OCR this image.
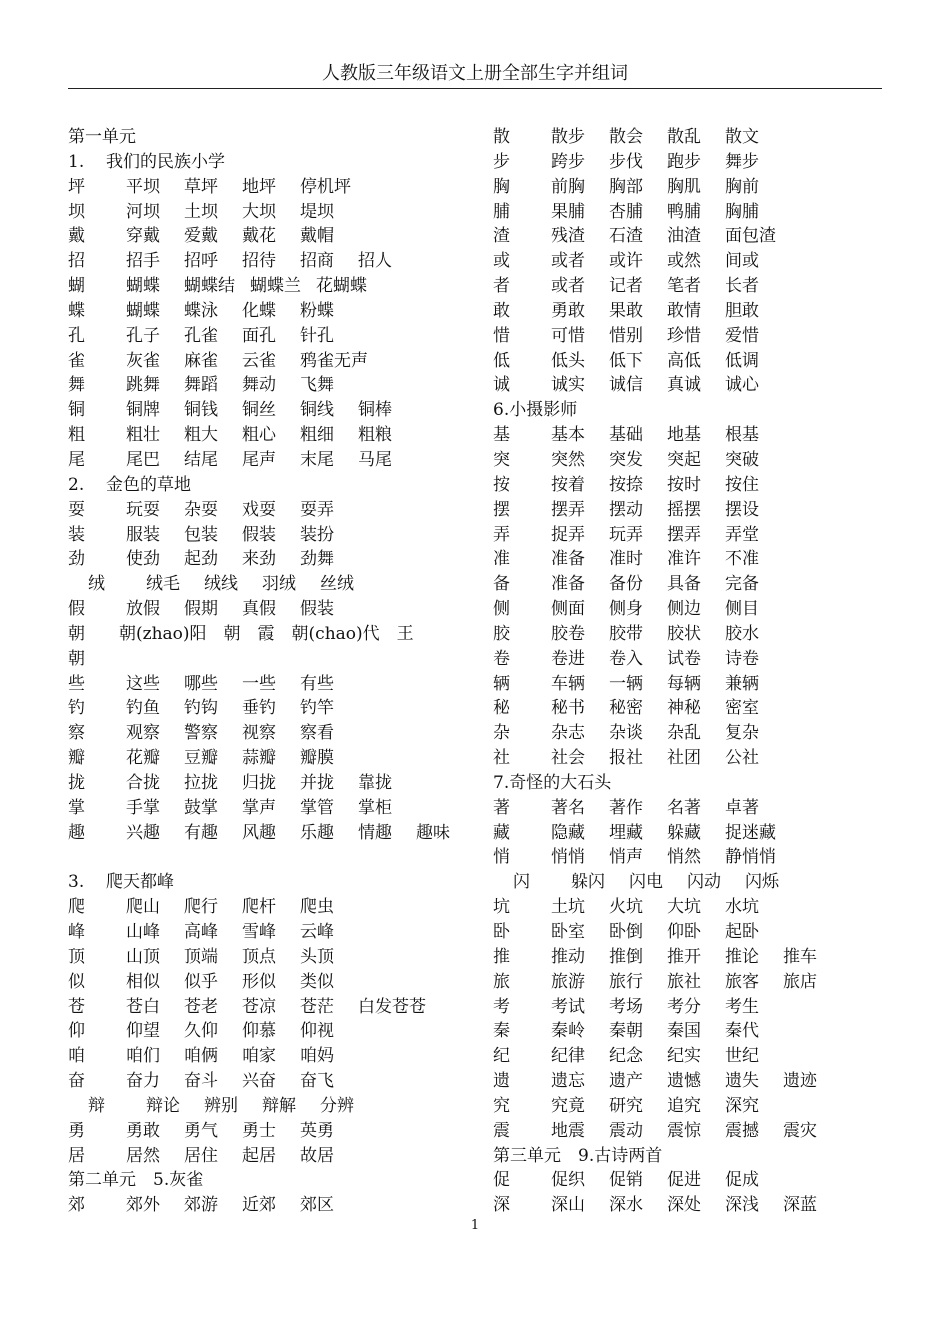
人教版三年级语文上册全部生字并组词
第一单元
1. 我们的民族小学
坪 平坝 草坪 地坪 停机坪
坝 河坝 土坝 大坝 堤坝
戴 穿戴 爱戴 戴花 戴帽
招 招手 招呼 招待 招商 招人
蝴 蝴蝶 蝴蝶结 蝴蝶兰 花蝴蝶
蝶 蝴蝶 蝶泳 化蝶 粉蝶
孔 孔子 孔雀 面孔 针孔
雀 灰雀 麻雀 云雀 鸦雀无声
舞 跳舞 舞蹈 舞动 飞舞
铜 铜牌 铜钱 铜丝 铜线 铜棒
粗 粗壮 粗大 粗心 粗细 粗粮
尾 尾巴 结尾 尾声 末尾 马尾
2. 金色的草地
耍 玩耍 杂耍 戏耍 耍弄
装 服装 包装 假装 装扮
劲 使劲 起劲 来劲 劲舞
绒 绒毛 绒线 羽绒 丝绒
假 放假 假期 真假 假装
朝　　朝(zhao)阳　朝　霞　朝(chao)代　王
朝
些 这些 哪些 一些 有些
钓 钓鱼 钓钩 垂钓 钓竿
察 观察 警察 视察 察看
瓣 花瓣 豆瓣 蒜瓣 瓣膜
拢 合拢 拉拢 归拢 并拢 靠拢
掌 手掌 鼓掌 掌声 掌管 掌柜
趣 兴趣 有趣 风趣 乐趣 情趣 趣味
3. 爬天都峰
爬 爬山 爬行 爬杆 爬虫
峰 山峰 高峰 雪峰 云峰
顶 山顶 顶端 顶点 头顶
似 相似 似乎 形似 类似
苍 苍白 苍老 苍凉 苍茫 白发苍苍
仰 仰望 久仰 仰慕 仰视
咱 咱们 咱俩 咱家 咱妈
奋 奋力 奋斗 兴奋 奋飞
辩 辩论 辨别 辩解 分辨
勇 勇敢 勇气 勇士 英勇
居 居然 居住 起居 故居
第二单元　5.灰雀
郊 郊外 郊游 近郊 郊区
散 散步 散会 散乱 散文
步 跨步 步伐 跑步 舞步
胸 前胸 胸部 胸肌 胸前
脯 果脯 杏脯 鸭脯 胸脯
渣 残渣 石渣 油渣 面包渣
或 或者 或许 或然 间或
者 或者 记者 笔者 长者
敢 勇敢 果敢 敢情 胆敢
惜 可惜 惜别 珍惜 爱惜
低 低头 低下 高低 低调
诚 诚实 诚信 真诚 诚心
6.小摄影师
基 基本 基础 地基 根基
突 突然 突发 突起 突破
按 按着 按捺 按时 按住
摆 摆弄 摆动 摇摆 摆设
弄 捉弄 玩弄 摆弄 弄堂
准 准备 准时 准许 不准
备 准备 备份 具备 完备
侧 侧面 侧身 侧边 侧目
胶 胶卷 胶带 胶状 胶水
卷 卷进 卷入 试卷 诗卷
辆 车辆 一辆 每辆 兼辆
秘 秘书 秘密 神秘 密室
杂 杂志 杂谈 杂乱 复杂
社 社会 报社 社团 公社
7.奇怪的大石头
著 著名 著作 名著 卓著
藏 隐藏 埋藏 躲藏 捉迷藏
悄 悄悄 悄声 悄然 静悄悄
闪 躲闪 闪电 闪动 闪烁
坑 土坑 火坑 大坑 水坑
卧 卧室 卧倒 仰卧 起卧
推 推动 推倒 推开 推论 推车
旅 旅游 旅行 旅社 旅客 旅店
考 考试 考场 考分 考生
秦 秦岭 秦朝 秦国 秦代
纪 纪律 纪念 纪实 世纪
遗 遗忘 遗产 遗憾 遗失 遗迹
究 究竟 研究 追究 深究
震 地震 震动 震惊 震撼 震灾
第三单元　9.古诗两首
促 促织 促销 促进 促成
深 深山 深水 深处 深浅 深蓝
1
